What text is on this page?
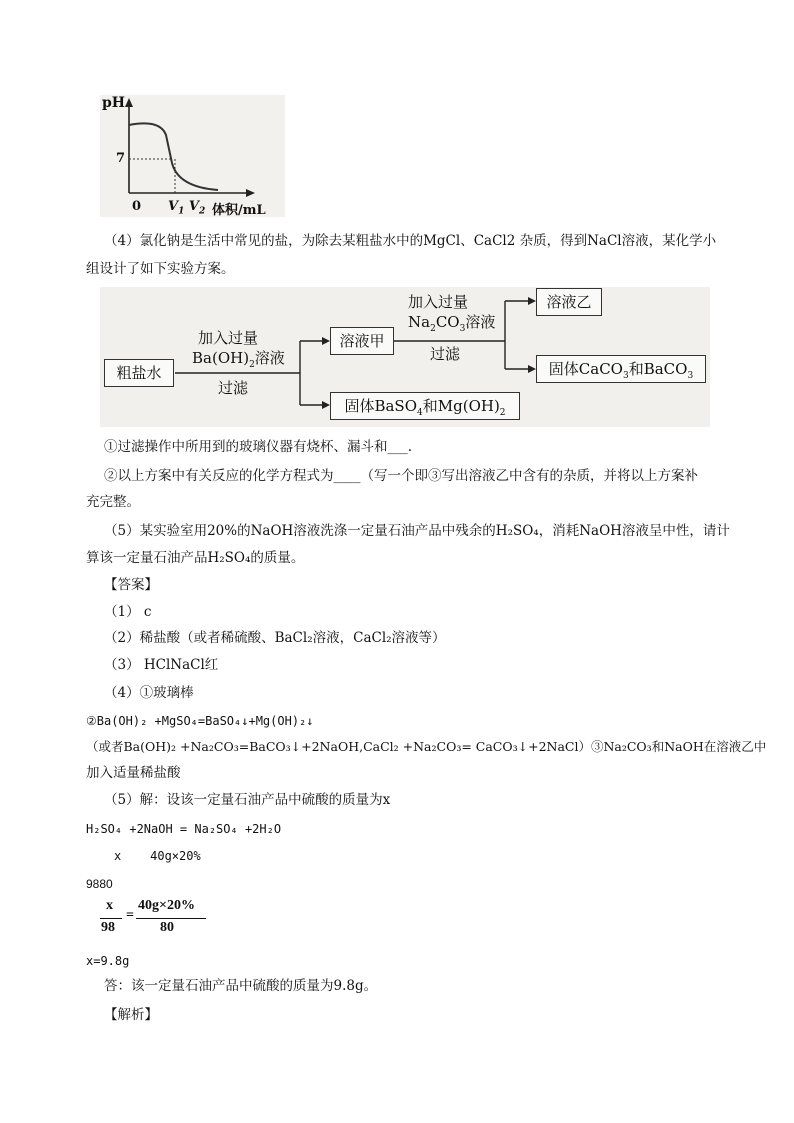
pH
7
0 $V_1$ $V_2$ 体积/mL
（4）氯化钠是生活中常见的盐，为除去某粗盐水中的MgCl、CaCl2 杂质，得到NaCl溶液，某化学小
组设计了如下实验方案。
粗盐水
加入过量
$Ba(OH)_2$溶液
过滤
溶液甲
固体BaSO$_4$和$Mg(OH)_2$
加入过量
$Na_2CO_3$溶液
过滤
溶液乙
固体CaCO$_3$和BaCO$_3$
①过滤操作中所用到的玻璃仪器有烧杯、漏斗和___.
②以上方案中有关反应的化学方程式为____（写一个即③写出溶液乙中含有的杂质，并将以上方案补
充完整。
（5）某实验室用20%的NaOH溶液洗涤一定量石油产品中残余的H₂SO₄，消耗NaOH溶液呈中性，请计
算该一定量石油产品H₂SO₄的质量。
【答案】
（1） c
（2）稀盐酸（或者稀硫酸、BaCl₂溶液，CaCl₂溶液等）
（3） HClNaCl红
（4）①玻璃棒
②Ba(OH)₂ +MgSO₄=BaSO₄↓+Mg(OH)₂↓
（或者Ba(OH)₂ +Na₂CO₃=BaCO₃↓+2NaOH,CaCl₂ +Na₂CO₃= CaCO₃↓+2NaCl）③Na₂CO₃和NaOH在溶液乙中
加入适量稀盐酸
（5）解：设该一定量石油产品中硫酸的质量为x
H₂SO₄ +2NaOH = Na₂SO₄ +2H₂O
x    40g×20%
9880
x
98
=
40g×20%
80
x=9.8g
答：该一定量石油产品中硫酸的质量为9.8g。
【解析】
